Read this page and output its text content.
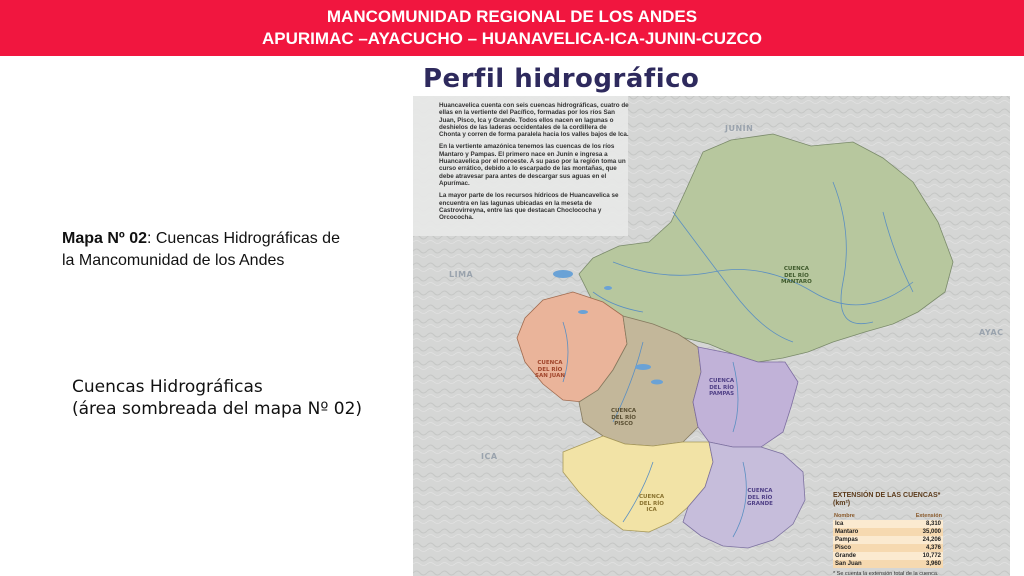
MANCOMUNIDAD REGIONAL DE LOS ANDES
APURIMAC –AYACUCHO – HUANAVELICA-ICA-JUNIN-CUZCO
Mapa Nº 02: Cuencas Hidrográficas de
la Mancomunidad de los Andes
Cuencas Hidrográficas
(área sombreada del mapa Nº 02)
Perfil hidrográfico

Huancavelica cuenta con seis cuencas hidrográficas, cuatro de ellas en la vertiente del Pacífico, formadas por los ríos San Juan, Pisco, Ica y Grande. Todos ellos nacen en lagunas o deshielos de las laderas occidentales de la cordillera de Chonta y corren de forma paralela hacia los valles bajos de Ica.

En la vertiente amazónica tenemos las cuencas de los ríos Mantaro y Pampas. El primero nace en Junín e ingresa a Huancavelica por el noroeste. A su paso por la región toma un curso errático, debido a lo escarpado de las montañas, que debe atravesar para antes de descargar sus aguas en el Apurímac.

La mayor parte de los recursos hídricos de Huancavelica se encuentra en las lagunas ubicadas en la meseta de Castrovirreyna, entre las que destacan Choclococha y Orcococha.

JUNÍN
LIMA
AYAC
ICA
CUENCA
DEL RÍO
MANTARO
CUENCA
DEL RÍO
SAN JUAN
CUENCA
DEL RÍO
PAMPAS
CUENCA
DEL RÍO
PISCO
CUENCA
DEL RÍO
ICA
CUENCA
DEL RÍO
GRANDE
EXTENSIÓN DE LAS CUENCAS* (km²)
Nombre	Extensión
Ica	8,310
Mantaro	35,000
Pampas	24,206
Pisco	4,376
Grande	10,772
San Juan	3,960
* Se cuenta la extensión total de la cuenca.
